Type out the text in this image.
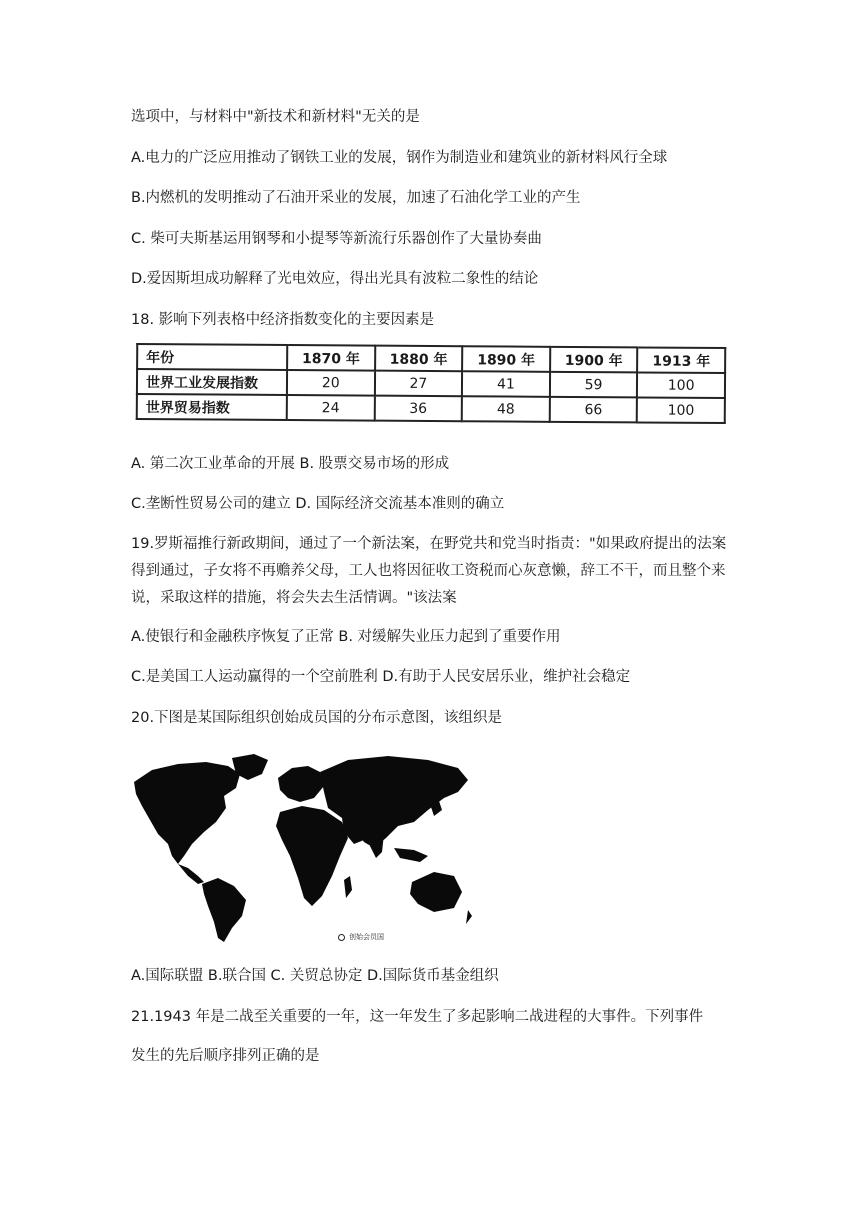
选项中，与材料中"新技术和新材料"无关的是
A.电力的广泛应用推动了钢铁工业的发展，钢作为制造业和建筑业的新材料风行全球
B.内燃机的发明推动了石油开采业的发展，加速了石油化学工业的产生
C. 柴可夫斯基运用钢琴和小提琴等新流行乐器创作了大量协奏曲
D.爱因斯坦成功解释了光电效应，得出光具有波粒二象性的结论
18. 影响下列表格中经济指数变化的主要因素是
年份	1870 年	1880 年	1890 年	1900 年	1913 年
世界工业发展指数	20	27	41	59	100
世界贸易指数	24	36	48	66	100
A. 第二次工业革命的开展 B. 股票交易市场的形成
C.垄断性贸易公司的建立 D. 国际经济交流基本准则的确立
19.罗斯福推行新政期间，通过了一个新法案，在野党共和党当时指责："如果政府提出的法案得到通过，子女将不再赡养父母，工人也将因征收工资税而心灰意懒，辞工不干，而且整个来说，采取这样的措施，将会失去生活情调。"该法案
A.使银行和金融秩序恢复了正常 B. 对缓解失业压力起到了重要作用
C.是美国工人运动赢得的一个空前胜利 D.有助于人民安居乐业，维护社会稳定
20.下图是某国际组织创始成员国的分布示意图，该组织是
创始会员国
A.国际联盟 B.联合国 C. 关贸总协定 D.国际货币基金组织
21.1943 年是二战至关重要的一年，这一年发生了多起影响二战进程的大事件。下列事件
发生的先后顺序排列正确的是
